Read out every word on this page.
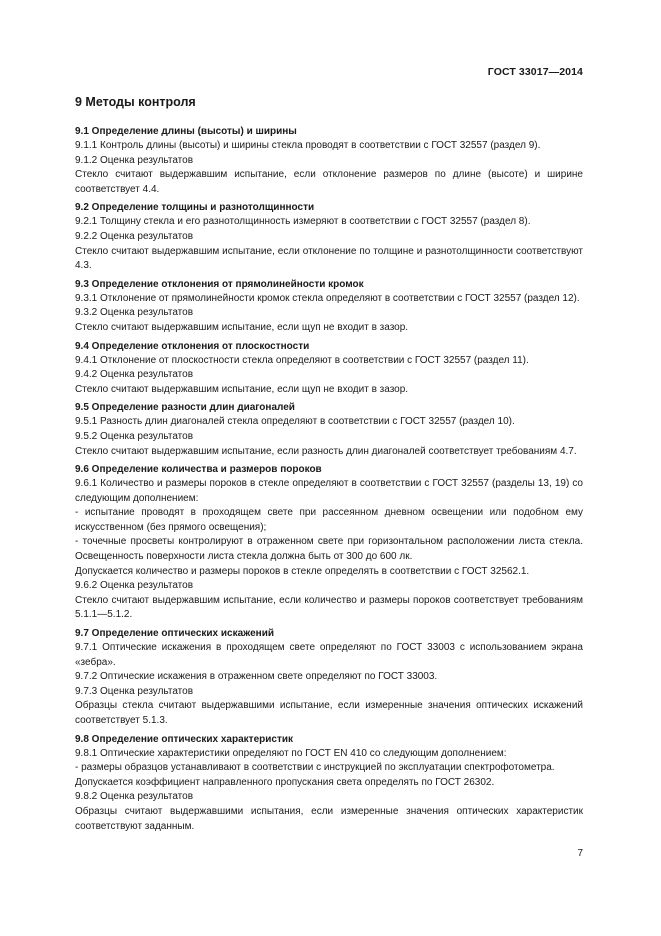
ГОСТ 33017—2014
9 Методы контроля
9.1 Определение длины (высоты) и ширины
9.1.1 Контроль длины (высоты) и ширины стекла проводят в соответствии с ГОСТ 32557 (раздел 9).
9.1.2 Оценка результатов
Стекло считают выдержавшим испытание, если отклонение размеров по длине (высоте) и ширине соответствует 4.4.
9.2 Определение толщины и разнотолщинности
9.2.1 Толщину стекла и его разнотолщинность измеряют в соответствии с ГОСТ 32557 (раздел 8).
9.2.2 Оценка результатов
Стекло считают выдержавшим испытание, если отклонение по толщине и разнотолщинности соответствуют 4.3.
9.3 Определение отклонения от прямолинейности кромок
9.3.1 Отклонение от прямолинейности кромок стекла определяют в соответствии с ГОСТ 32557 (раздел 12).
9.3.2 Оценка результатов
Стекло считают выдержавшим испытание, если щуп не входит в зазор.
9.4 Определение отклонения от плоскостности
9.4.1 Отклонение от плоскостности стекла определяют в соответствии с ГОСТ 32557 (раздел 11).
9.4.2 Оценка результатов
Стекло считают выдержавшим испытание, если щуп не входит в зазор.
9.5 Определение разности длин диагоналей
9.5.1 Разность длин диагоналей стекла определяют в соответствии с ГОСТ 32557 (раздел 10).
9.5.2 Оценка результатов
Стекло считают выдержавшим испытание, если разность длин диагоналей соответствует требованиям 4.7.
9.6 Определение количества и размеров пороков
9.6.1 Количество и размеры пороков в стекле определяют в соответствии с ГОСТ 32557 (разделы 13, 19) со следующим дополнением:
- испытание проводят в проходящем свете при рассеянном дневном освещении или подобном ему искусственном (без прямого освещения);
- точечные просветы контролируют в отраженном свете при горизонтальном расположении листа стекла. Освещенность поверхности листа стекла должна быть от 300 до 600 лк.
Допускается количество и размеры пороков в стекле определять в соответствии с ГОСТ 32562.1.
9.6.2 Оценка результатов
Стекло считают выдержавшим испытание, если количество и размеры пороков соответствует требованиям 5.1.1—5.1.2.
9.7 Определение оптических искажений
9.7.1 Оптические искажения в проходящем свете определяют по ГОСТ 33003 с использованием экрана «зебра».
9.7.2 Оптические искажения в отраженном свете определяют по ГОСТ 33003.
9.7.3 Оценка результатов
Образцы стекла считают выдержавшими испытание, если измеренные значения оптических искажений соответствует 5.1.3.
9.8 Определение оптических характеристик
9.8.1 Оптические характеристики определяют по ГОСТ EN 410 со следующим дополнением:
- размеры образцов устанавливают в соответствии с инструкцией по эксплуатации спектрофотометра.
Допускается коэффициент направленного пропускания света определять по ГОСТ 26302.
9.8.2 Оценка результатов
Образцы считают выдержавшими испытания, если измеренные значения оптических характеристик соответствуют заданным.
7
